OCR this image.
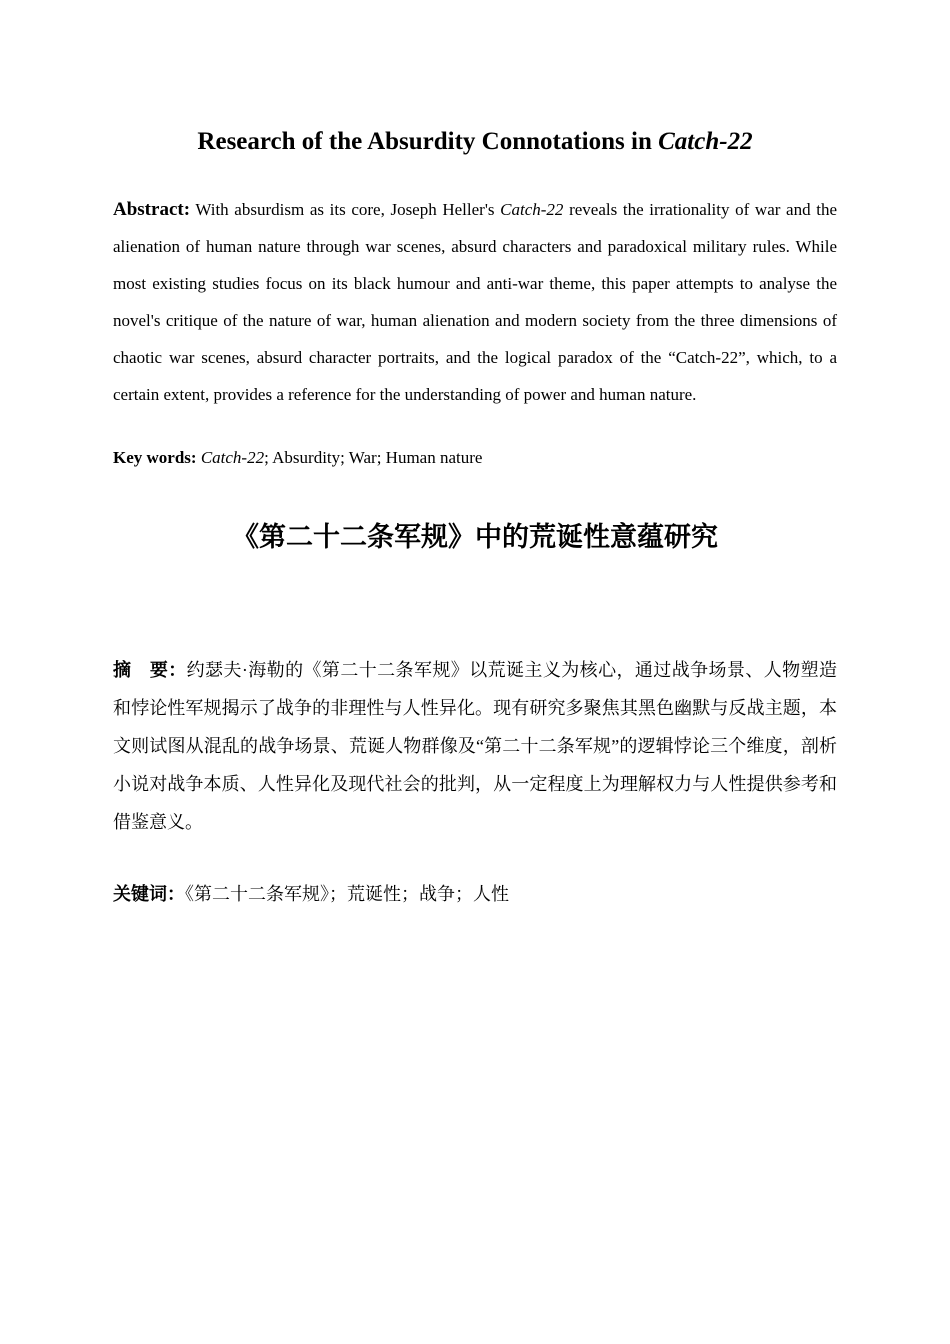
Research of the Absurdity Connotations in Catch-22

Abstract: With absurdism as its core, Joseph Heller's Catch-22 reveals the irrationality of war and the alienation of human nature through war scenes, absurd characters and paradoxical military rules. While most existing studies focus on its black humour and anti-war theme, this paper attempts to analyse the novel's critique of the nature of war, human alienation and modern society from the three dimensions of chaotic war scenes, absurd character portraits, and the logical paradox of the “Catch-22”, which, to a certain extent, provides a reference for the understanding of power and human nature.

Key words: Catch-22; Absurdity; War; Human nature

《第二十二条军规》中的荒诞性意蕴研究

摘　要：约瑟夫·海勒的《第二十二条军规》以荒诞主义为核心，通过战争场景、人物塑造和悖论性军规揭示了战争的非理性与人性异化。现有研究多聚焦其黑色幽默与反战主题，本文则试图从混乱的战争场景、荒诞人物群像及“第二十二条军规”的逻辑悖论三个维度，剖析小说对战争本质、人性异化及现代社会的批判，从一定程度上为理解权力与人性提供参考和借鉴意义。

关键词：《第二十二条军规》；荒诞性；战争；人性
